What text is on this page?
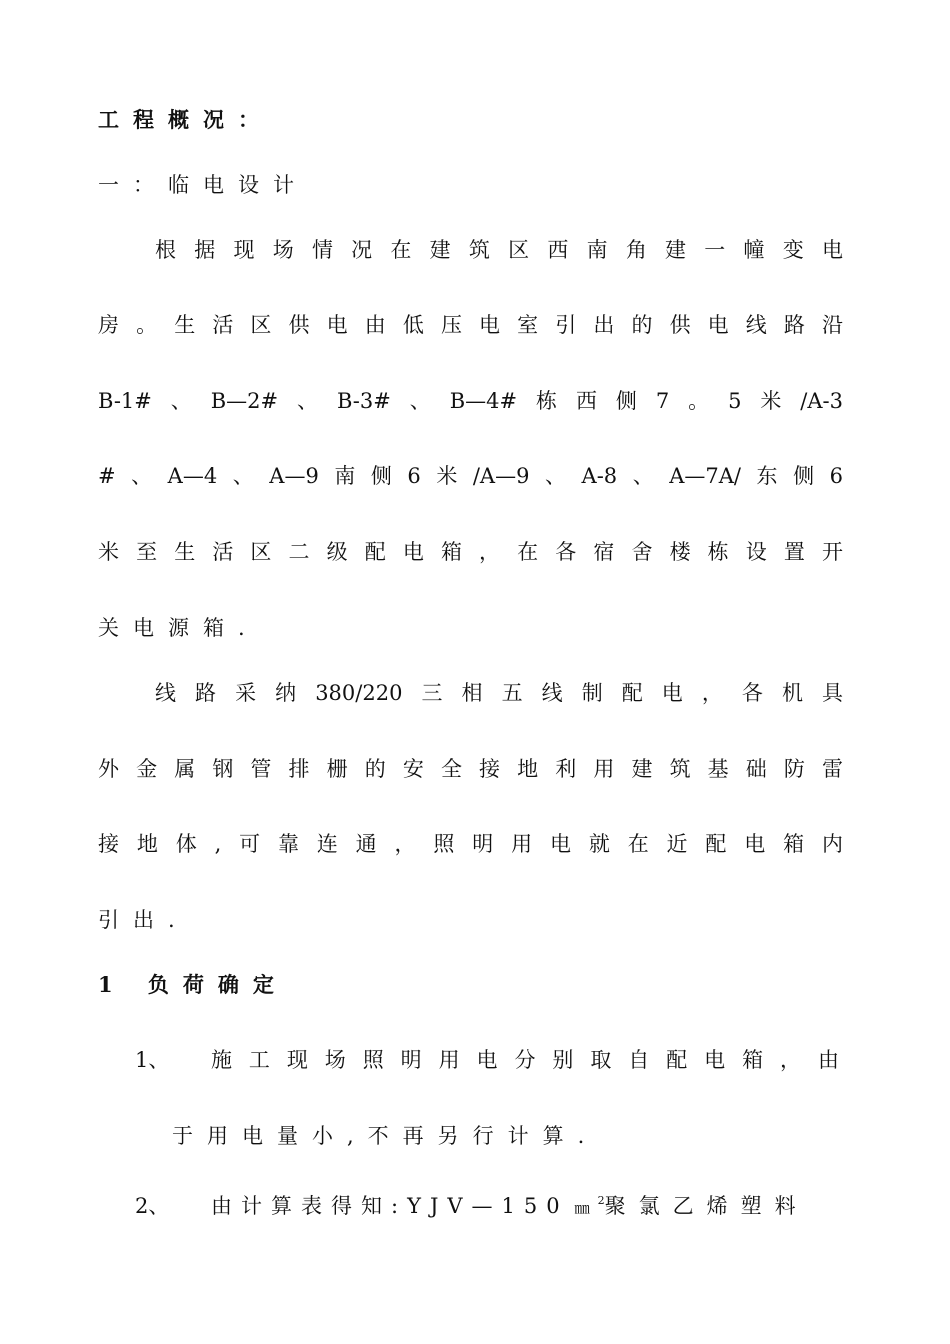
工程概况：
一：临电设计
根据现场情况在建筑区西南角建一幢变电
房。生活区供电由低压电室引出的供电线路沿
B-1#、B—2#、B-3#、B—4#栋西侧7。5米/A-3
#、A—4、A—9南侧6米/A—9、A-8、A—7A/东侧6
米至生活区二级配电箱，在各宿舍楼栋设置开
关电源箱.
线路采纳380/220三相五线制配电，各机具
外金属钢管排栅的安全接地利用建筑基础防雷
接地体,可靠连通，照明用电就在近配电箱内
引出.
1 负荷确定
1、 施工现场照明用电分别取自配电箱，由
于用电量小,不再另行计算.
2、 由计算表得知:YJV—150 ㎜ $^2$聚氯乙烯塑料
